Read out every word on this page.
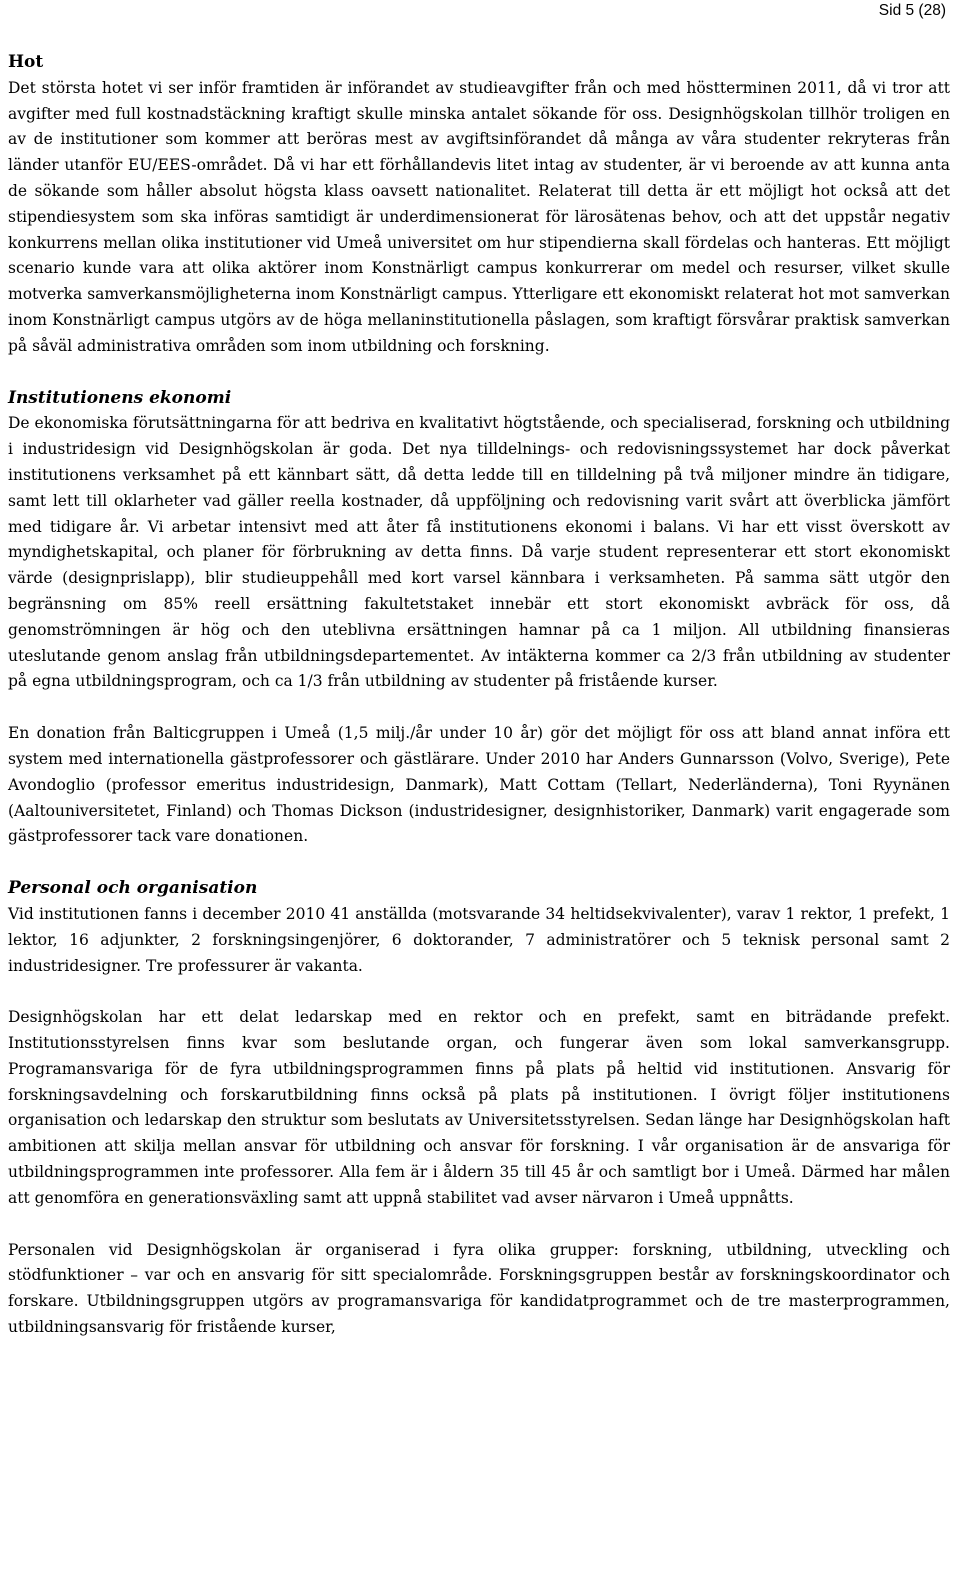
Sid 5 (28)
Hot

Det största hotet vi ser inför framtiden är införandet av studieavgifter från och med höstterminen 2011, då vi tror att avgifter med full kostnadstäckning kraftigt skulle minska antalet sökande för oss. Designhögskolan tillhör troligen en av de institutioner som kommer att beröras mest av avgiftsinförandet då många av våra studenter rekryteras från länder utanför EU/EES-området. Då vi har ett förhållandevis litet intag av studenter, är vi beroende av att kunna anta de sökande som håller absolut högsta klass oavsett nationalitet. Relaterat till detta är ett möjligt hot också att det stipendiesystem som ska införas samtidigt är underdimensionerat för lärosätenas behov, och att det uppstår negativ konkurrens mellan olika institutioner vid Umeå universitet om hur stipendierna skall fördelas och hanteras. Ett möjligt scenario kunde vara att olika aktörer inom Konstnärligt campus konkurrerar om medel och resurser, vilket skulle motverka samverkansmöjligheterna inom Konstnärligt campus. Ytterligare ett ekonomiskt relaterat hot mot samverkan inom Konstnärligt campus utgörs av de höga mellaninstitutionella påslagen, som kraftigt försvårar praktisk samverkan på såväl administrativa områden som inom utbildning och forskning.

Institutionens ekonomi

De ekonomiska förutsättningarna för att bedriva en kvalitativt högtstående, och specialiserad, forskning och utbildning i industridesign vid Designhögskolan är goda. Det nya tilldelnings- och redovisningssystemet har dock påverkat institutionens verksamhet på ett kännbart sätt, då detta ledde till en tilldelning på två miljoner mindre än tidigare, samt lett till oklarheter vad gäller reella kostnader, då uppföljning och redovisning varit svårt att överblicka jämfört med tidigare år. Vi arbetar intensivt med att åter få institutionens ekonomi i balans. Vi har ett visst överskott av myndighetskapital, och planer för förbrukning av detta finns. Då varje student representerar ett stort ekonomiskt värde (designprislapp), blir studieuppehåll med kort varsel kännbara i verksamheten. På samma sätt utgör den begränsning om 85% reell ersättning fakultetstaket innebär ett stort ekonomiskt avbräck för oss, då genomströmningen är hög och den uteblivna ersättningen hamnar på ca 1 miljon. All utbildning finansieras uteslutande genom anslag från utbildningsdepartementet. Av intäkterna kommer ca 2/3 från utbildning av studenter på egna utbildningsprogram, och ca 1/3 från utbildning av studenter på fristående kurser.

En donation från Balticgruppen i Umeå (1,5 milj./år under 10 år) gör det möjligt för oss att bland annat införa ett system med internationella gästprofessorer och gästlärare. Under 2010 har Anders Gunnarsson (Volvo, Sverige), Pete Avondoglio (professor emeritus industridesign, Danmark), Matt Cottam (Tellart, Nederländerna), Toni Ryynänen (Aaltouniversitetet, Finland) och Thomas Dickson (industridesigner, designhistoriker, Danmark) varit engagerade som gästprofessorer tack vare donationen.

Personal och organisation

Vid institutionen fanns i december 2010 41 anställda (motsvarande 34 heltidsekvivalenter), varav 1 rektor, 1 prefekt, 1 lektor, 16 adjunkter, 2 forskningsingenjörer, 6 doktorander, 7 administratörer och 5 teknisk personal samt 2 industridesigner. Tre professurer är vakanta.

Designhögskolan har ett delat ledarskap med en rektor och en prefekt, samt en biträdande prefekt. Institutionsstyrelsen finns kvar som beslutande organ, och fungerar även som lokal samverkansgrupp. Programansvariga för de fyra utbildningsprogrammen finns på plats på heltid vid institutionen. Ansvarig för forskningsavdelning och forskarutbildning finns också på plats på institutionen. I övrigt följer institutionens organisation och ledarskap den struktur som beslutats av Universitetsstyrelsen. Sedan länge har Designhögskolan haft ambitionen att skilja mellan ansvar för utbildning och ansvar för forskning. I vår organisation är de ansvariga för utbildningsprogrammen inte professorer. Alla fem är i åldern 35 till 45 år och samtligt bor i Umeå. Därmed har målen att genomföra en generationsväxling samt att uppnå stabilitet vad avser närvaron i Umeå uppnåtts.

Personalen vid Designhögskolan är organiserad i fyra olika grupper: forskning, utbildning, utveckling och stödfunktioner – var och en ansvarig för sitt specialområde. Forskningsgruppen består av forskningskoordinator och forskare. Utbildningsgruppen utgörs av programansvariga för kandidatprogrammet och de tre masterprogrammen, utbildningsansvarig för fristående kurser,
